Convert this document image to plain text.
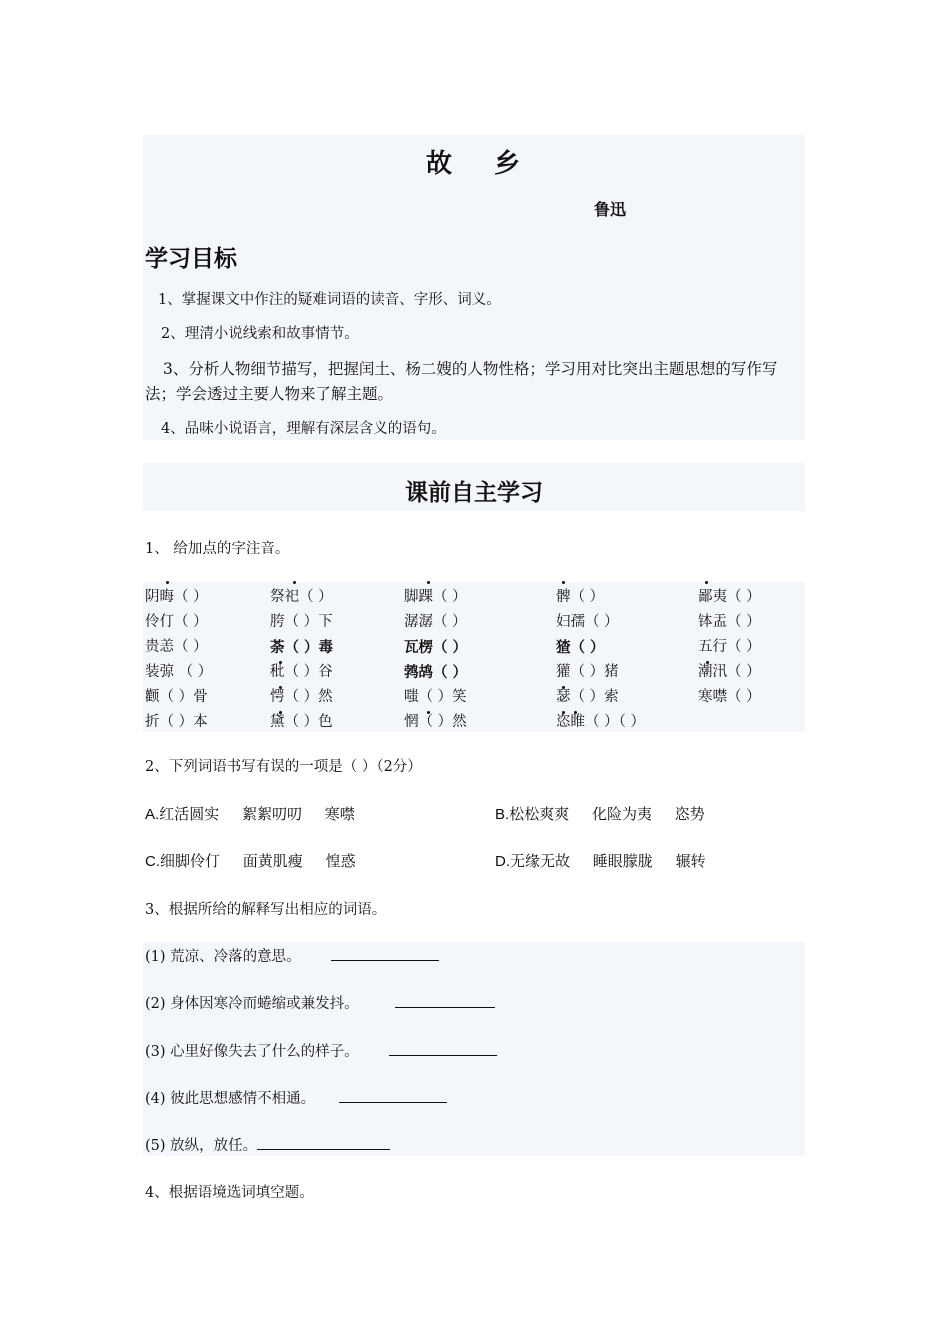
故 乡
鲁迅
学习目标
1、掌握课文中作注的疑难词语的读音、字形、词义。
2、理清小说线索和故事情节。
3、分析人物细节描写，把握闰土、杨二嫂的人物性格；学习用对比突出主题思想的写作写法；学会透过主要人物来了解主题。
4、品味小说语言，理解有深层含义的语句。
课前自主学习
1、 给加点的字注音。
阴晦（ ）	祭祀（ ）	脚踝（ ）	髀（ ）	鄙夷（ ）
伶仃（ ）	胯（ ）下	潺潺（ ）	妇孺（ ）	钵盂（ ）
贵恙（ ）	荼（ ）毒	瓦楞（ ）	猹（ ）	五行（ ）
装弶 （ ）	秕（ ）谷	鹁鸪（ ）	獾（ ）猪	潮汛（ ）
颧（ ）骨	愕（ ）然	嗤（ ）笑	瑟（ ）索	寒噤（ ）
折（ ）本	黛（ ）色	惘（ ）然	恣睢（ ）（ ）
2、下列词语书写有误的一项是（ ）（2分）
A.红活圆实 絮絮叨叨 寒噤	B.松松爽爽 化险为夷 恣势
C.细脚伶仃 面黄肌瘦 惶惑	D.无缘无故 睡眼朦胧 辗转
3、根据所给的解释写出相应的词语。
(1) 荒凉、冷落的意思。
(2) 身体因寒冷而蜷缩或兼发抖。
(3) 心里好像失去了什么的样子。
(4) 彼此思想感情不相通。
(5) 放纵，放任。
4、根据语境选词填空题。
